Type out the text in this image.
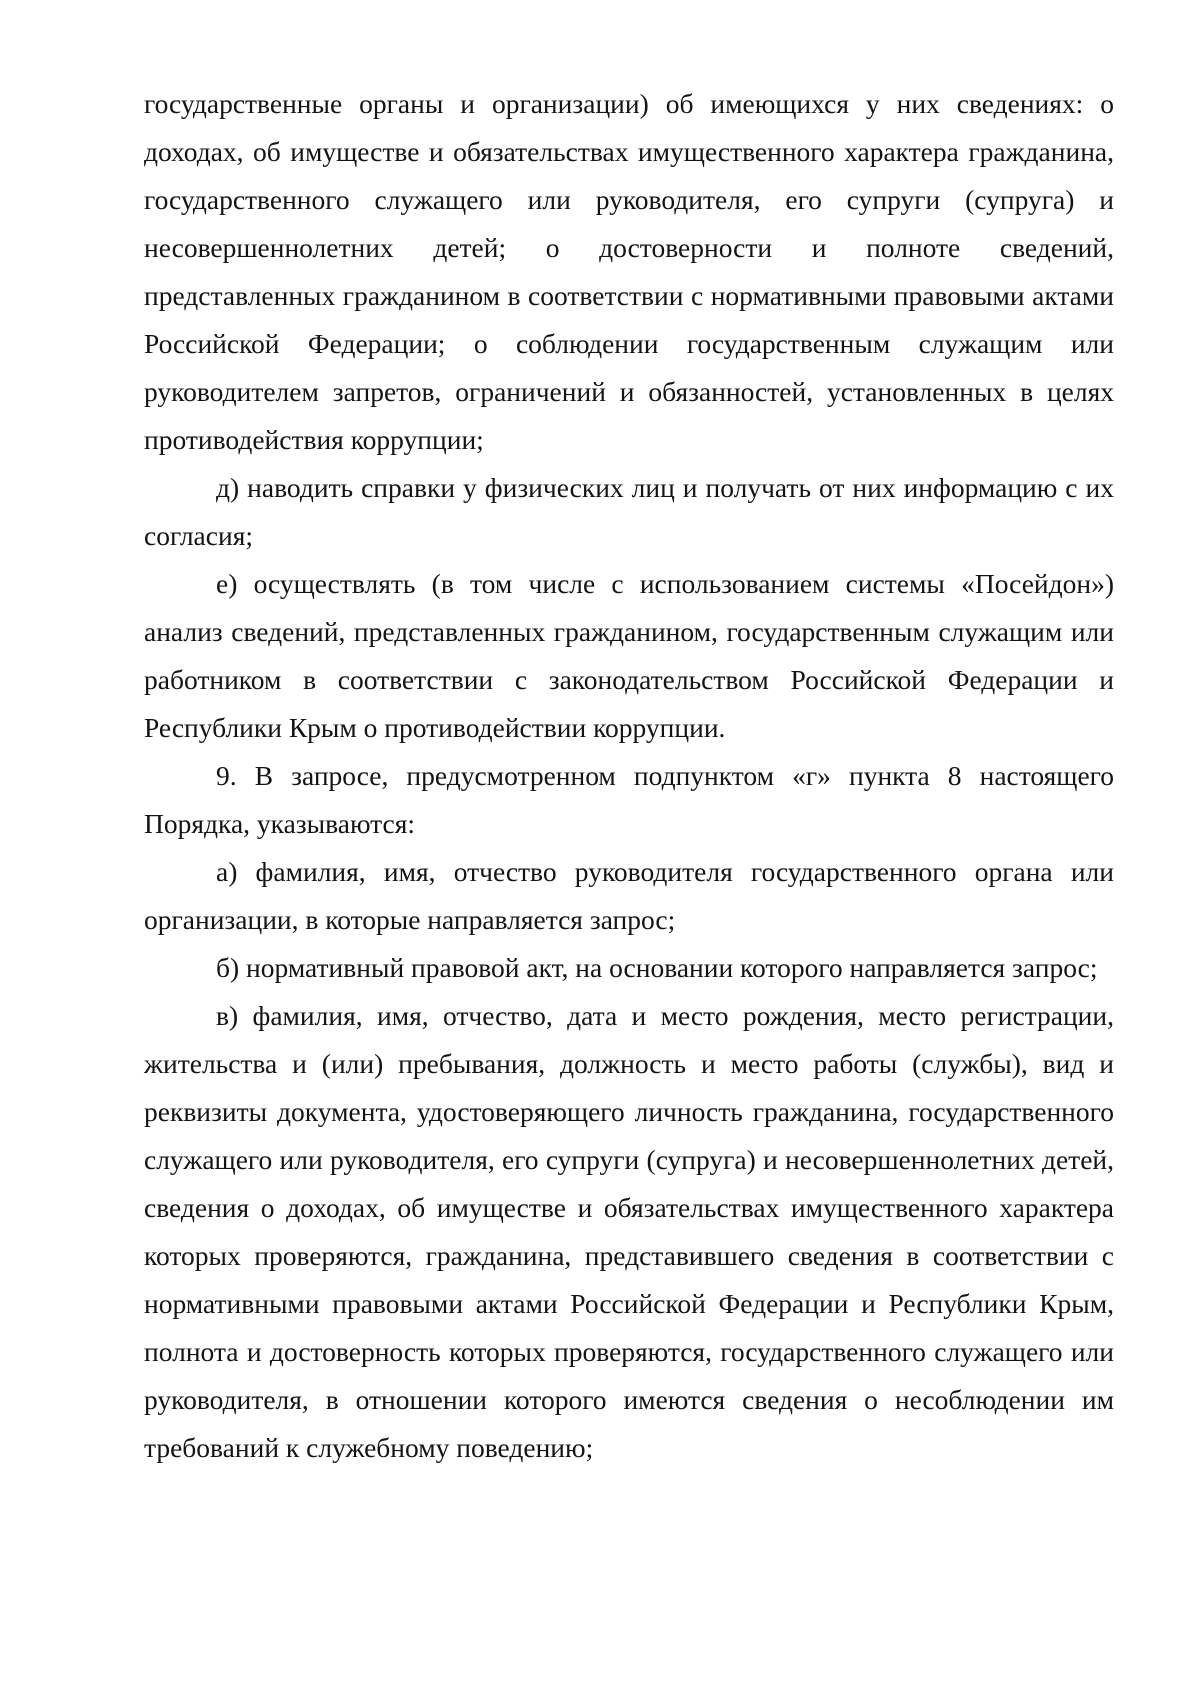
государственные органы и организации) об имеющихся у них сведениях: о доходах, об имуществе и обязательствах имущественного характера гражданина, государственного служащего или руководителя, его супруги (супруга) и несовершеннолетних детей; о достоверности и полноте сведений, представленных гражданином в соответствии с нормативными правовыми актами Российской Федерации; о соблюдении государственным служащим или руководителем запретов, ограничений и обязанностей, установленных в целях противодействия коррупции;

д) наводить справки у физических лиц и получать от них информацию с их согласия;

е) осуществлять (в том числе с использованием системы «Посейдон») анализ сведений, представленных гражданином, государственным служащим или работником в соответствии с законодательством Российской Федерации и Республики Крым о противодействии коррупции.

9. В запросе, предусмотренном подпунктом «г» пункта 8 настоящего Порядка, указываются:

а) фамилия, имя, отчество руководителя государственного органа или организации, в которые направляется запрос;

б) нормативный правовой акт, на основании которого направляется запрос;

в) фамилия, имя, отчество, дата и место рождения, место регистрации, жительства и (или) пребывания, должность и место работы (службы), вид и реквизиты документа, удостоверяющего личность гражданина, государственного служащего или руководителя, его супруги (супруга) и несовершеннолетних детей, сведения о доходах, об имуществе и обязательствах имущественного характера которых проверяются, гражданина, представившего сведения в соответствии с нормативными правовыми актами Российской Федерации и Республики Крым, полнота и достоверность которых проверяются, государственного служащего или руководителя, в отношении которого имеются сведения о несоблюдении им требований к служебному поведению;
